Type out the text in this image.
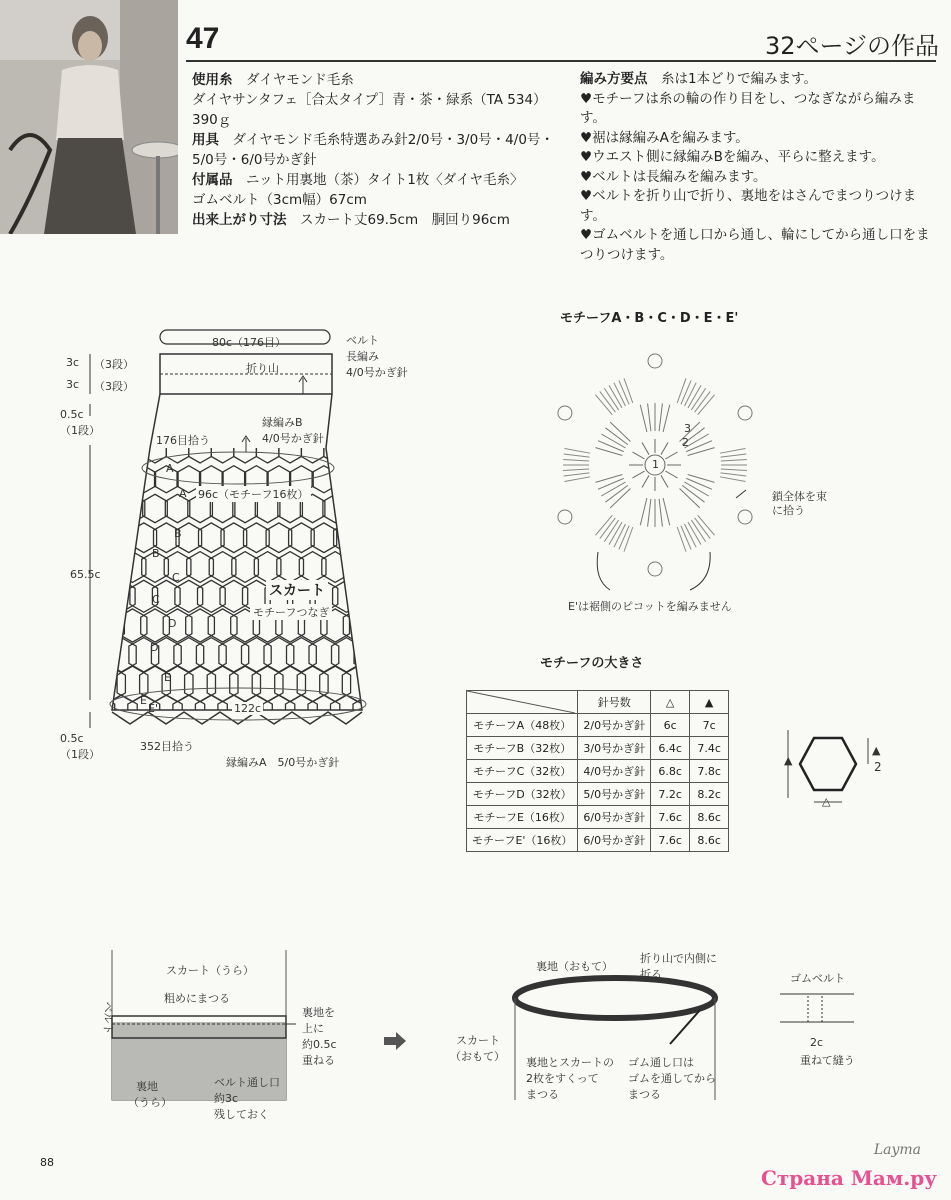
47	32ページの作品
使用糸　 ダイヤモンド毛糸
ダイヤサンタフェ［合太タイプ］青・茶・緑系（TA 534）390ｇ
用具　 ダイヤモンド毛糸特選あみ針2/0号・3/0号・4/0号・5/0号・6/0号かぎ針
付属品　 ニット用裏地（茶）タイト1枚〈ダイヤ毛糸〉
ゴムベルト（3cm幅）67cm
出来上がり寸法　 スカート丈69.5cm　胴回り96cm
編み方要点　 糸は1本どりで編みます。
♥モチーフは糸の輪の作り目をし、つなぎながら編みます。
♥裾は縁編みAを編みます。
♥ウエスト側に縁編みBを編み、平らに整えます。
♥ベルトは長編みを編みます。
♥ベルトを折り山で折り、裏地をはさんでまつりつけます。
♥ゴムベルトを通し口から通し、輪にしてから通し口をまつりつけます。
80c（176目）	ベルト
長編み
4/0号かぎ針
折り山
3c （3段）
3c （3段）
0.5c
（1段）
176目拾う
縁編みB
4/0号かぎ針
96c（モチーフ16枚）
65.5c
スカート
モチーフつなぎ
122c
0.5c
（1段）
352目拾う
縁編みA　5/0号かぎ針
A
A
B
B
C
C
D
D
E
E
E'
モチーフA・B・C・D・E・E'
3
2
1
鎖全体を束に拾う
E'は裾側のピコットを編みません
モチーフの大きさ
	針号数	△	▲
モチーフA（48枚）	2/0号かぎ針	6c	7c
モチーフB（32枚）	3/0号かぎ針	6.4c	7.4c
モチーフC（32枚）	4/0号かぎ針	6.8c	7.8c
モチーフD（32枚）	5/0号かぎ針	7.2c	8.2c
モチーフE（16枚）	6/0号かぎ針	7.6c	8.6c
モチーフE'（16枚）	6/0号かぎ針	7.6c	8.6c
▲
▲
2
△
スカート（うら）
粗めにまつる
ベルト	裏地を
上に
約0.5c
重ねる
裏地
（うら）
ベルト通し口
約3c
残しておく
裏地（おもて）
折り山で内側に
折る
スカート
（おもて） 裏地とスカートの
2枚をすくって
まつる
ゴム通し口は
ゴムを通してから
まつる
ゴムベルト
2c
重ねて縫う
88
Layma
Страна Мам.ру
